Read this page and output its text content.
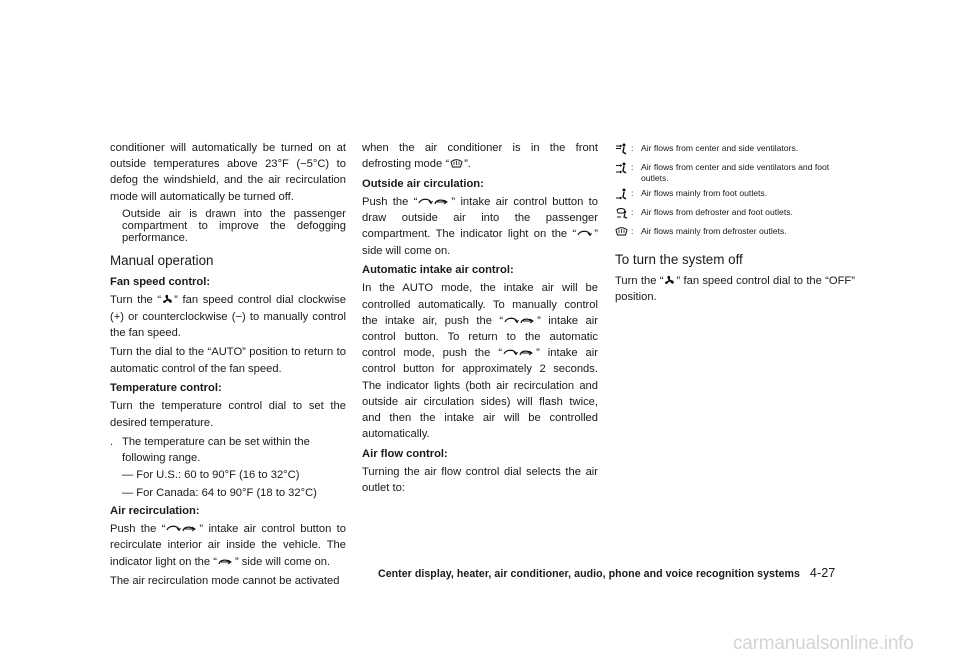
conditioner will automatically be turned on at outside temperatures above 23°F (−5°C) to defog the windshield, and the air recirculation mode will automatically be turned off.

Outside air is drawn into the passenger compartment to improve the defogging performance.

Manual operation
Fan speed control:

Turn the “ ” fan speed control dial clockwise (+) or counterclockwise (−) to manually control the fan speed.

Turn the dial to the “AUTO” position to return to automatic control of the fan speed.

Temperature control:

Turn the temperature control dial to set the desired temperature.

. The temperature can be set within the following range.
— For U.S.: 60 to 90°F (16 to 32°C)
— For Canada: 64 to 90°F (18 to 32°C)
Air recirculation:

Push the “	” intake air control button to recirculate interior air inside the vehicle. The indicator light on the “ ” side will come on.

The air recirculation mode cannot be activated

when the air conditioner is in the front defrosting mode “ ”.

Outside air circulation:

Push the “	” intake air control button to draw outside air into the passenger compartment. The indicator light on the “ ” side will come on.

Automatic intake air control:

In the AUTO mode, the intake air will be controlled automatically. To manually control the intake air, push the “	” intake air control button. To return to the automatic control mode, push the “	” intake air control button for approximately 2 seconds. The indicator lights (both air recirculation and outside air circulation sides) will flash twice, and then the intake air will be controlled automatically.

Air flow control:

Turning the air flow control dial selects the air outlet to:

: Air flows from center and side ventilators.
: Air flows from center and side ventilators and foot outlets.
: Air flows mainly from foot outlets.
: Air flows from defroster and foot outlets.
: Air flows mainly from defroster outlets.
To turn the system off

Turn the “ ” fan speed control dial to the “OFF” position.

Center display, heater, air conditioner, audio, phone and voice recognition systems 4-27
carmanualsonline.info
